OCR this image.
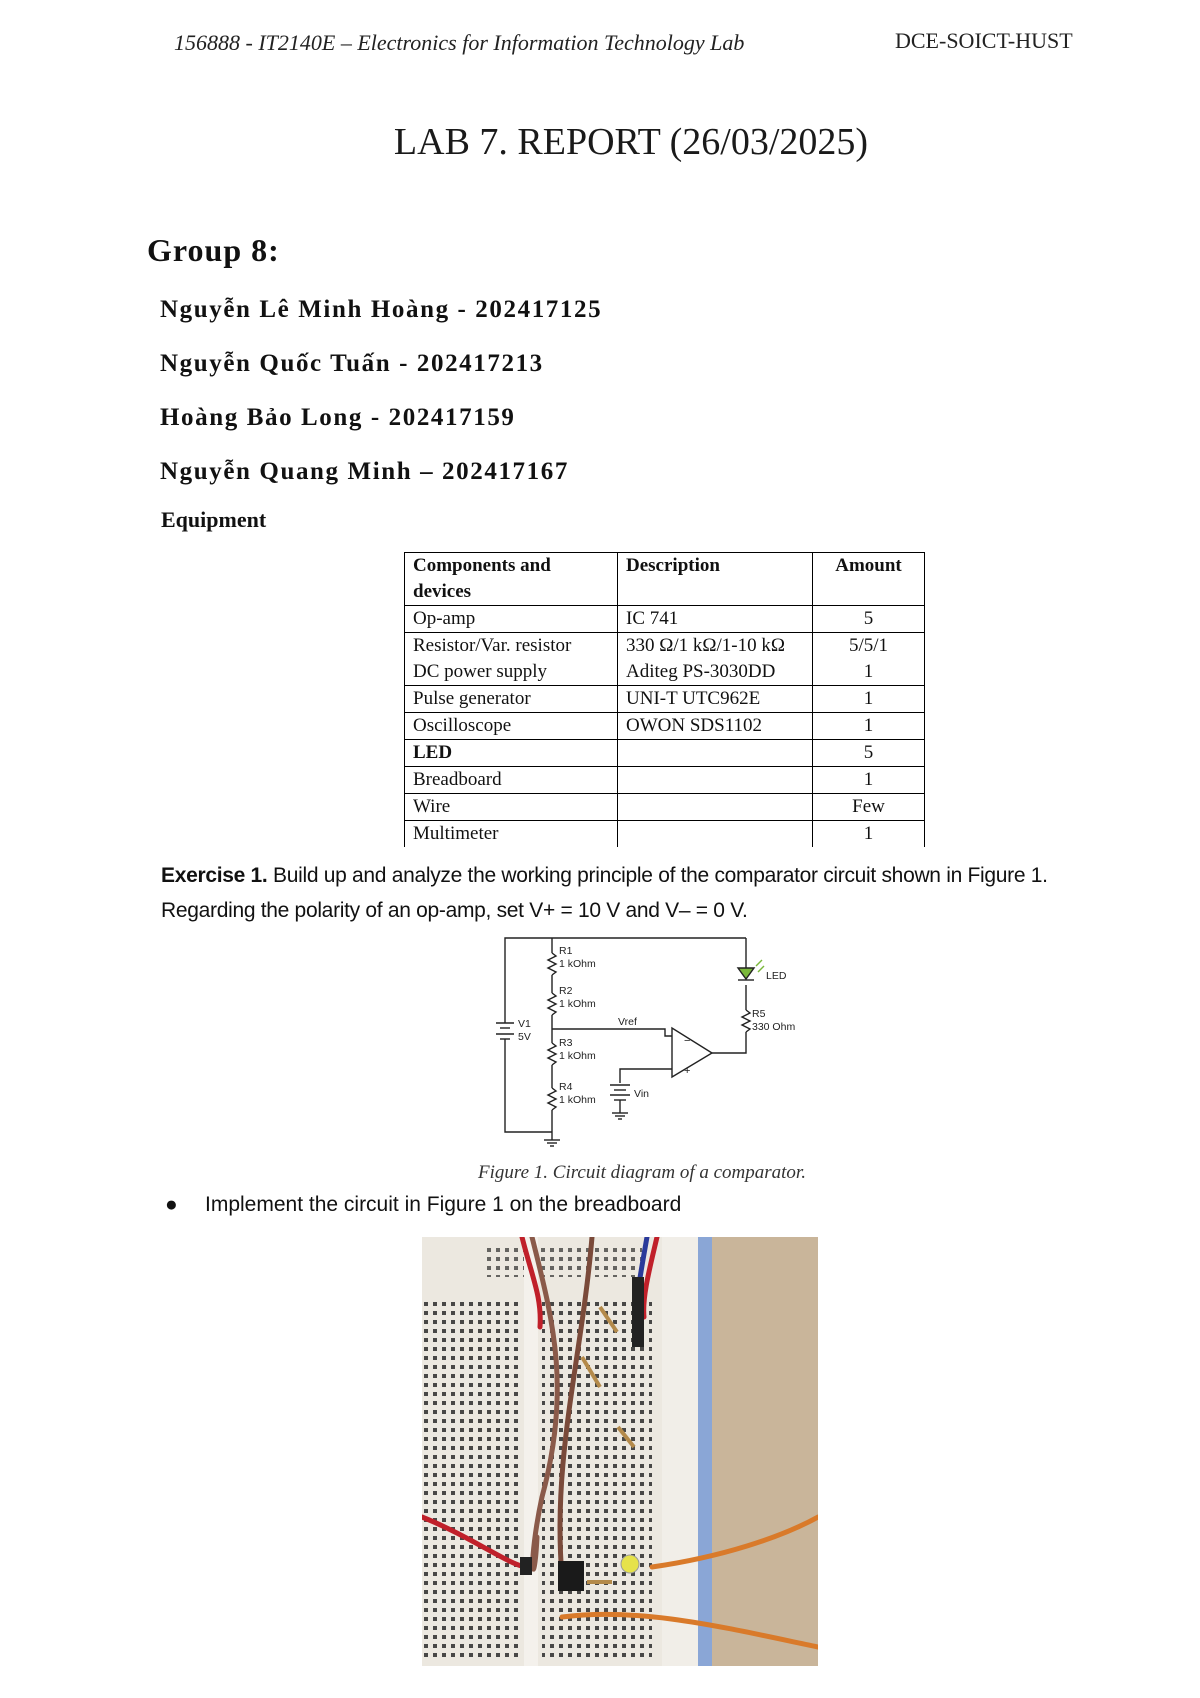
156888 - IT2140E – Electronics for Information Technology Lab	DCE-SOICT-HUST
LAB 7. REPORT (26/03/2025)
Group 8:
Nguyễn Lê Minh Hoàng - 202417125
Nguyễn Quốc Tuấn - 202417213
Hoàng Bảo Long - 202417159
Nguyễn Quang Minh – 202417167
Equipment
Components and devices	Description	Amount
Op-amp	IC 741	5
Resistor/Var. resistor	330 Ω/1 kΩ/1-10 kΩ	5/5/1
DC power supply	Aditeg PS-3030DD	1
Pulse generator	UNI-T UTC962E	1
Oscilloscope	OWON SDS1102	1
LED		5
Breadboard		1
Wire		Few
Multimeter		1
Exercise 1. Build up and analyze the working principle of the comparator circuit shown in Figure 1. Regarding the polarity of an op-amp, set V+ = 10 V and V– = 0 V.
−
+
R1
1 kOhm
R2
1 kOhm
R3
1 kOhm
R4
1 kOhm
R5
330 Ohm
V1
5V
Vref
Vin
LED
Figure 1. Circuit diagram of a comparator.
● Implement the circuit in Figure 1 on the breadboard
